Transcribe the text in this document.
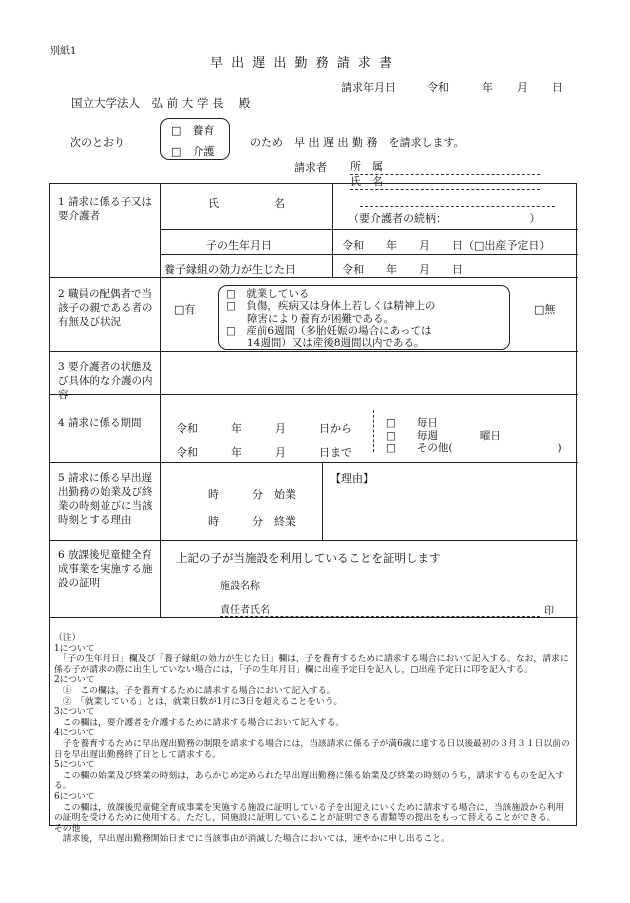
別紙1
早 出 遅 出 勤 務 請 求 書
請求年月日	令和	年 月 日
国立大学法人　弘 前 大 学 長　 殿
次のとおり
□　養育
□　介護
のため　早 出 遅 出 勤 務　を請求します。
請求者 所　属
氏　名
1 請求に係る子又は要介護者
氏　　　　　名
（要介護者の続柄：　　　　　　　　）
子の生年月日	令和　　年　　月　　日（□出産予定日）
養子縁組の効力が生じた日	令和　　年　　月　　日
2 職員の配偶者で当該子の親である者の有無及び状況
□有
□　就業している
□　負傷，疾病又は身体上若しくは精神上の
　　障害により養育が困難である。
□　産前6週間（多胎妊娠の場合にあっては
　　14週間）又は産後8週間以内である。
□無
3 要介護者の状態及び具体的な介護の内容
4 請求に係る期間	令和　　　年　　　月　　　日から
令和　　　年　　　月　　　日まで
□　　毎日
□　　毎週　　　　曜日
□　　その他(　　　　　　　　　　)
5 請求に係る早出遅出勤務の始業及び終業の時刻並びに当該時刻とする理由
時　　　分　始業
時　　　分　終業
【理由】
6 放課後児童健全育成事業を実施する施設の証明
上記の子が当施設を利用していることを証明します
施設名称
責任者氏名	印
（注）
1について
　「子の生年月日」欄及び「養子縁組の効力が生じた日」欄は，子を養育するために請求する場合において記入する。なお，請求に係る子が請求の際に出生していない場合には，「子の生年月日」欄に出産予定日を記入し，□出産予定日に印を記入する。
2について
　①　この欄は，子を養育するために請求する場合において記入する。
　②　「就業している」とは，就業日数が1月に3日を超えることをいう。
3について
　この欄は，要介護者を介護するために請求する場合において記入する。
4について
　子を養育するために早出遅出勤務の制限を請求する場合には，当該請求に係る子が満6歳に達する日以後最初の３月３１日以前の日を早出遅出勤務終了日として請求する。
5について
　この欄の始業及び終業の時刻は，あらかじめ定められた早出遅出勤務に係る始業及び終業の時刻のうち，請求するものを記入する。
6について
　この欄は，放課後児童健全育成事業を実施する施設に証明している子を出迎えにいくために請求する場合に，当該施設から利用の証明を受けるために使用する。ただし，同施設に証明していることが証明できる書類等の提出をもって替えることができる。
その他
　請求後，早出遅出勤務開始日までに当該事由が消滅した場合においては，速やかに申し出ること。
